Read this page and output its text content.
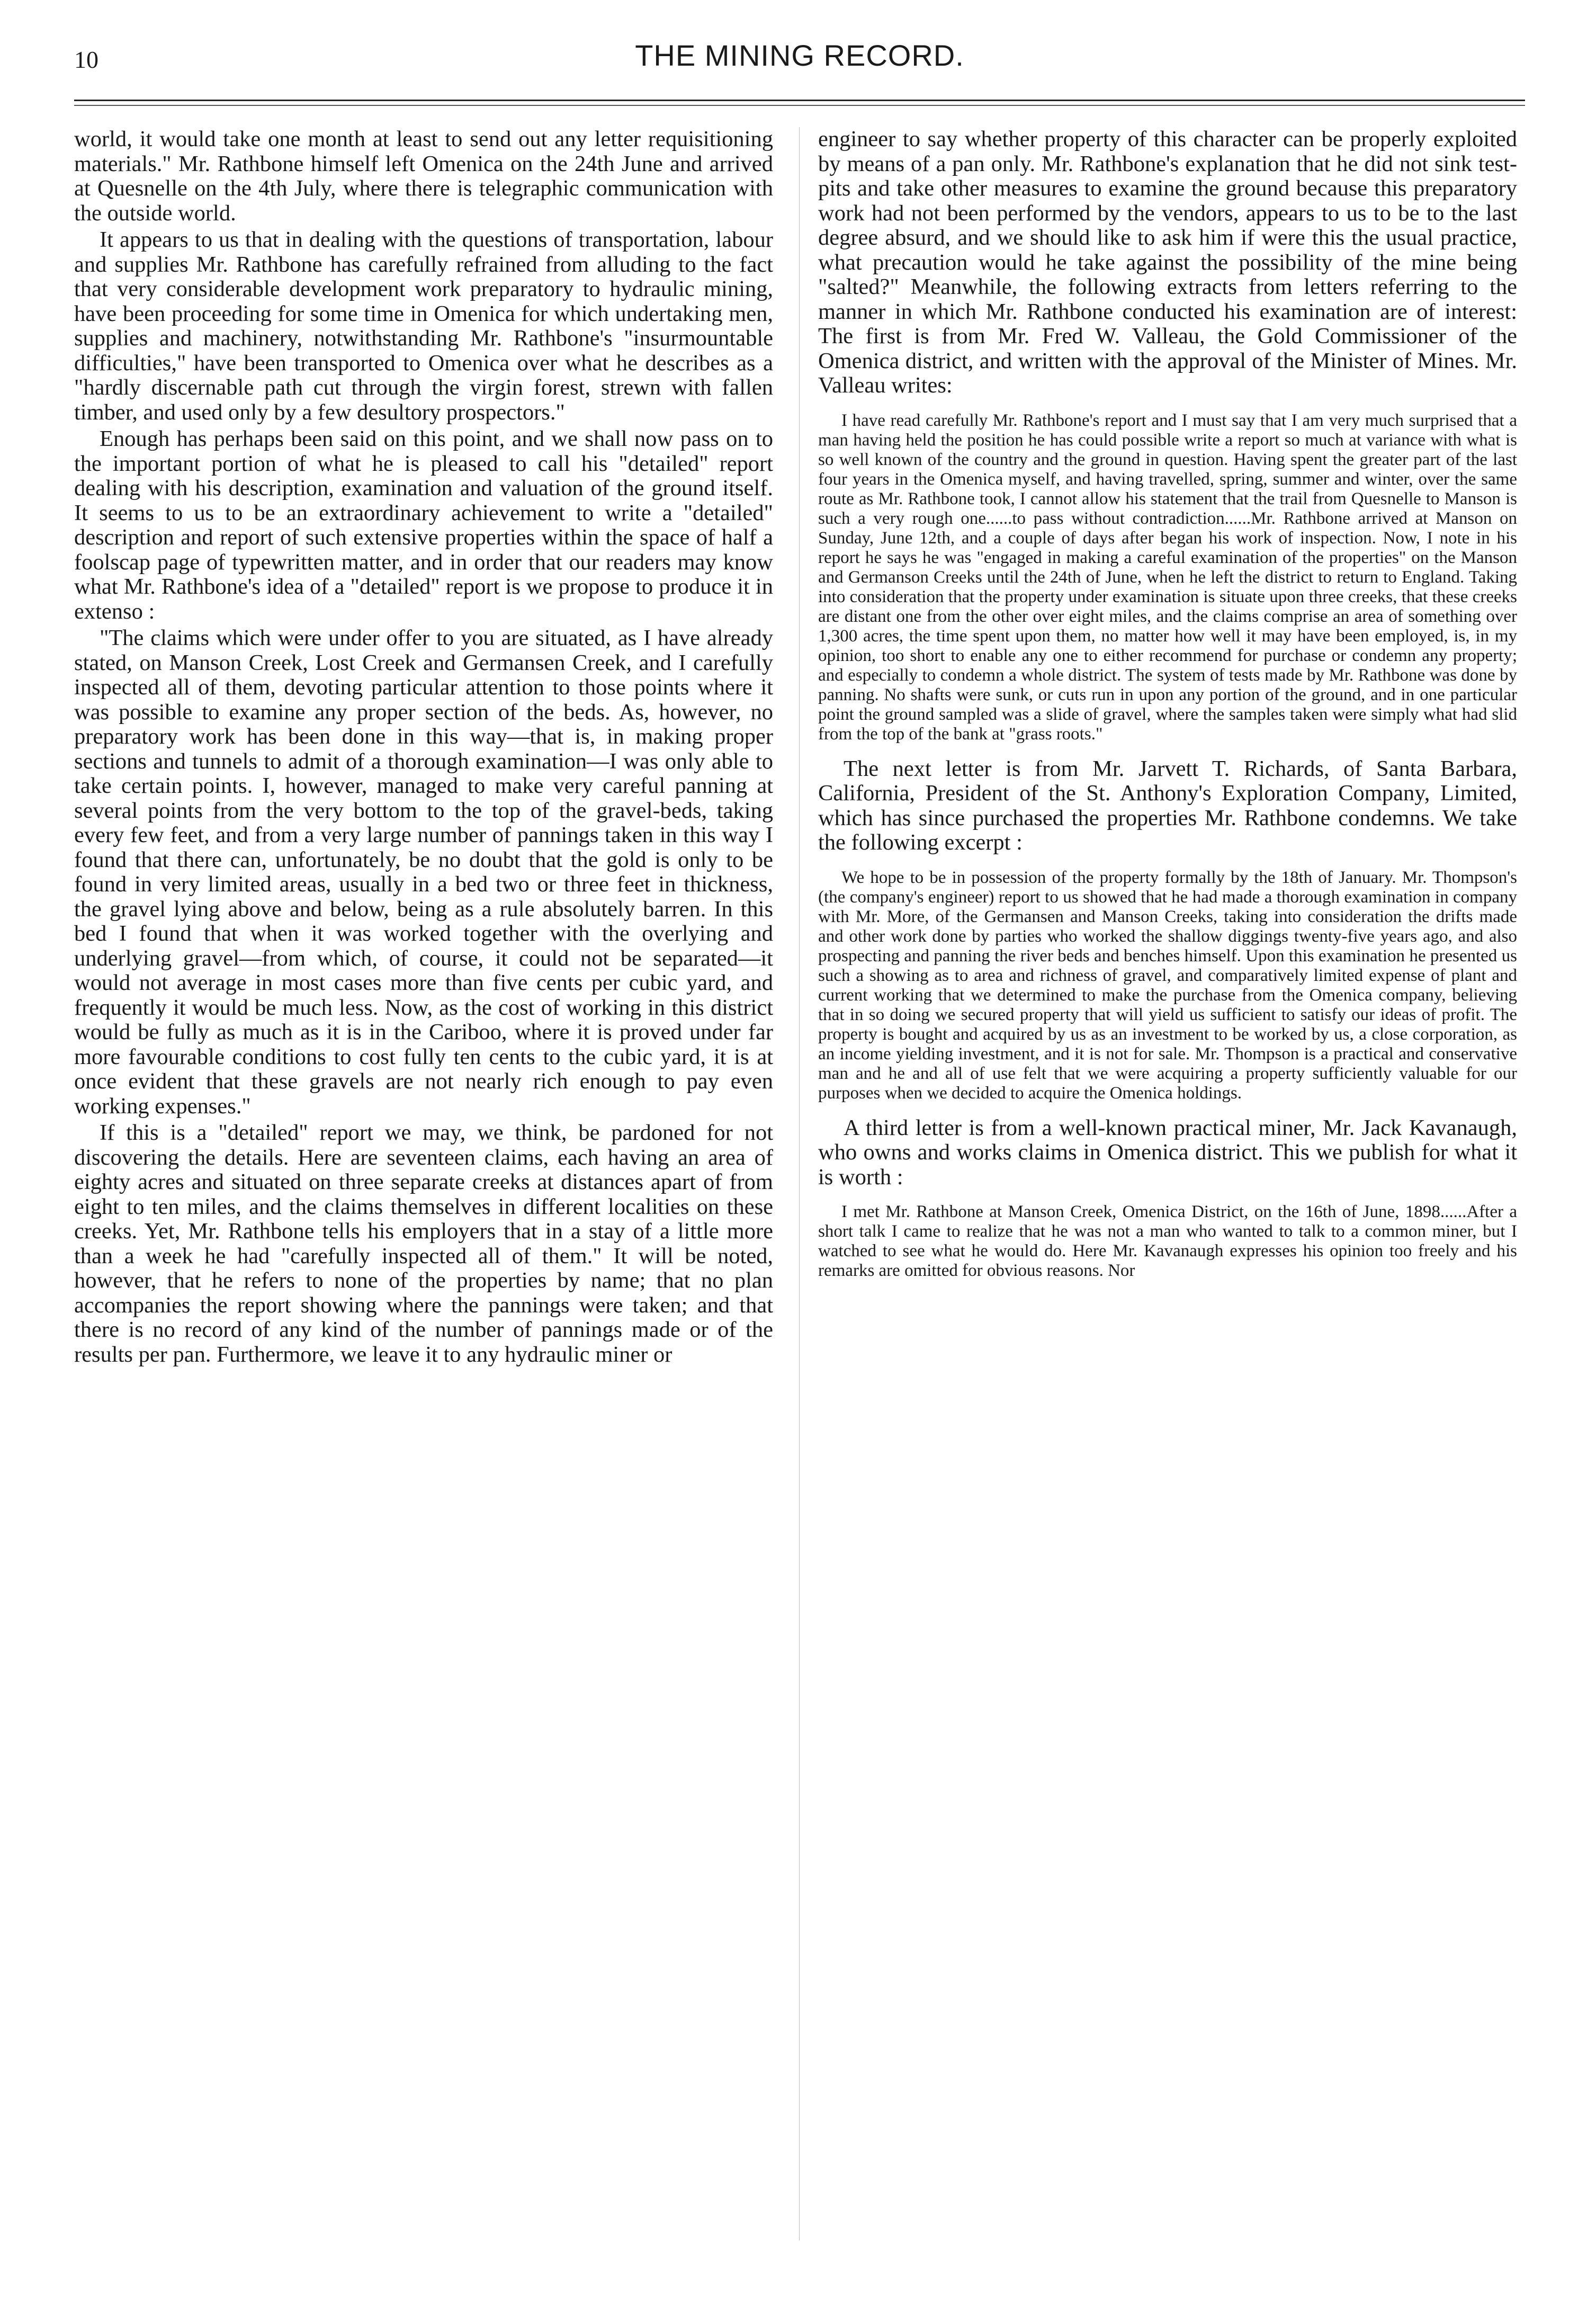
10	THE MINING RECORD.

world, it would take one month at least to send out any letter requisitioning materials." Mr. Rathbone himself left Omenica on the 24th June and arrived at Quesnelle on the 4th July, where there is telegraphic communication with the outside world.

It appears to us that in dealing with the questions of transportation, labour and supplies Mr. Rathbone has carefully refrained from alluding to the fact that very considerable development work preparatory to hydraulic mining, have been proceeding for some time in Omenica for which undertaking men, supplies and machinery, notwithstanding Mr. Rathbone's "insurmountable difficulties," have been transported to Omenica over what he describes as a "hardly discernable path cut through the virgin forest, strewn with fallen timber, and used only by a few desultory prospectors."

Enough has perhaps been said on this point, and we shall now pass on to the important portion of what he is pleased to call his "detailed" report dealing with his description, examination and valuation of the ground itself. It seems to us to be an extraordinary achievement to write a "detailed" description and report of such extensive properties within the space of half a foolscap page of typewritten matter, and in order that our readers may know what Mr. Rathbone's idea of a "detailed" report is we propose to produce it in extenso :

"The claims which were under offer to you are situated, as I have already stated, on Manson Creek, Lost Creek and Germansen Creek, and I carefully inspected all of them, devoting particular attention to those points where it was possible to examine any proper section of the beds. As, however, no preparatory work has been done in this way—that is, in making proper sections and tunnels to admit of a thorough examination—I was only able to take certain points. I, however, managed to make very careful panning at several points from the very bottom to the top of the gravel-beds, taking every few feet, and from a very large number of pannings taken in this way I found that there can, unfortunately, be no doubt that the gold is only to be found in very limited areas, usually in a bed two or three feet in thickness, the gravel lying above and below, being as a rule absolutely barren. In this bed I found that when it was worked together with the overlying and underlying gravel—from which, of course, it could not be separated—it would not average in most cases more than five cents per cubic yard, and frequently it would be much less. Now, as the cost of working in this district would be fully as much as it is in the Cariboo, where it is proved under far more favourable conditions to cost fully ten cents to the cubic yard, it is at once evident that these gravels are not nearly rich enough to pay even working expenses."

If this is a "detailed" report we may, we think, be pardoned for not discovering the details. Here are seventeen claims, each having an area of eighty acres and situated on three separate creeks at distances apart of from eight to ten miles, and the claims themselves in different localities on these creeks. Yet, Mr. Rathbone tells his employers that in a stay of a little more than a week he had "carefully inspected all of them." It will be noted, however, that he refers to none of the properties by name; that no plan accompanies the report showing where the pannings were taken; and that there is no record of any kind of the number of pannings made or of the results per pan. Furthermore, we leave it to any hydraulic miner or

engineer to say whether property of this character can be properly exploited by means of a pan only. Mr. Rathbone's explanation that he did not sink test-pits and take other measures to examine the ground because this preparatory work had not been performed by the vendors, appears to us to be to the last degree absurd, and we should like to ask him if were this the usual practice, what precaution would he take against the possibility of the mine being "salted?" Meanwhile, the following extracts from letters referring to the manner in which Mr. Rathbone conducted his examination are of interest: The first is from Mr. Fred W. Valleau, the Gold Commissioner of the Omenica district, and written with the approval of the Minister of Mines. Mr. Valleau writes:

I have read carefully Mr. Rathbone's report and I must say that I am very much surprised that a man having held the position he has could possible write a report so much at variance with what is so well known of the country and the ground in question. Having spent the greater part of the last four years in the Omenica myself, and having travelled, spring, summer and winter, over the same route as Mr. Rathbone took, I cannot allow his statement that the trail from Quesnelle to Manson is such a very rough one......to pass without contradiction......Mr. Rathbone arrived at Manson on Sunday, June 12th, and a couple of days after began his work of inspection. Now, I note in his report he says he was "engaged in making a careful examination of the properties" on the Manson and Germanson Creeks until the 24th of June, when he left the district to return to England. Taking into consideration that the property under examination is situate upon three creeks, that these creeks are distant one from the other over eight miles, and the claims comprise an area of something over 1,300 acres, the time spent upon them, no matter how well it may have been employed, is, in my opinion, too short to enable any one to either recommend for purchase or condemn any property; and especially to condemn a whole district. The system of tests made by Mr. Rathbone was done by panning. No shafts were sunk, or cuts run in upon any portion of the ground, and in one particular point the ground sampled was a slide of gravel, where the samples taken were simply what had slid from the top of the bank at "grass roots."

The next letter is from Mr. Jarvett T. Richards, of Santa Barbara, California, President of the St. Anthony's Exploration Company, Limited, which has since purchased the properties Mr. Rathbone condemns. We take the following excerpt :

We hope to be in possession of the property formally by the 18th of January. Mr. Thompson's (the company's engineer) report to us showed that he had made a thorough examination in company with Mr. More, of the Germansen and Manson Creeks, taking into consideration the drifts made and other work done by parties who worked the shallow diggings twenty-five years ago, and also prospecting and panning the river beds and benches himself. Upon this examination he presented us such a showing as to area and richness of gravel, and comparatively limited expense of plant and current working that we determined to make the purchase from the Omenica company, believing that in so doing we secured property that will yield us sufficient to satisfy our ideas of profit. The property is bought and acquired by us as an investment to be worked by us, a close corporation, as an income yielding investment, and it is not for sale. Mr. Thompson is a practical and conservative man and he and all of use felt that we were acquiring a property sufficiently valuable for our purposes when we decided to acquire the Omenica holdings.

A third letter is from a well-known practical miner, Mr. Jack Kavanaugh, who owns and works claims in Omenica district. This we publish for what it is worth :

I met Mr. Rathbone at Manson Creek, Omenica District, on the 16th of June, 1898......After a short talk I came to realize that he was not a man who wanted to talk to a common miner, but I watched to see what he would do. Here Mr. Kavanaugh expresses his opinion too freely and his remarks are omitted for obvious reasons. Nor
